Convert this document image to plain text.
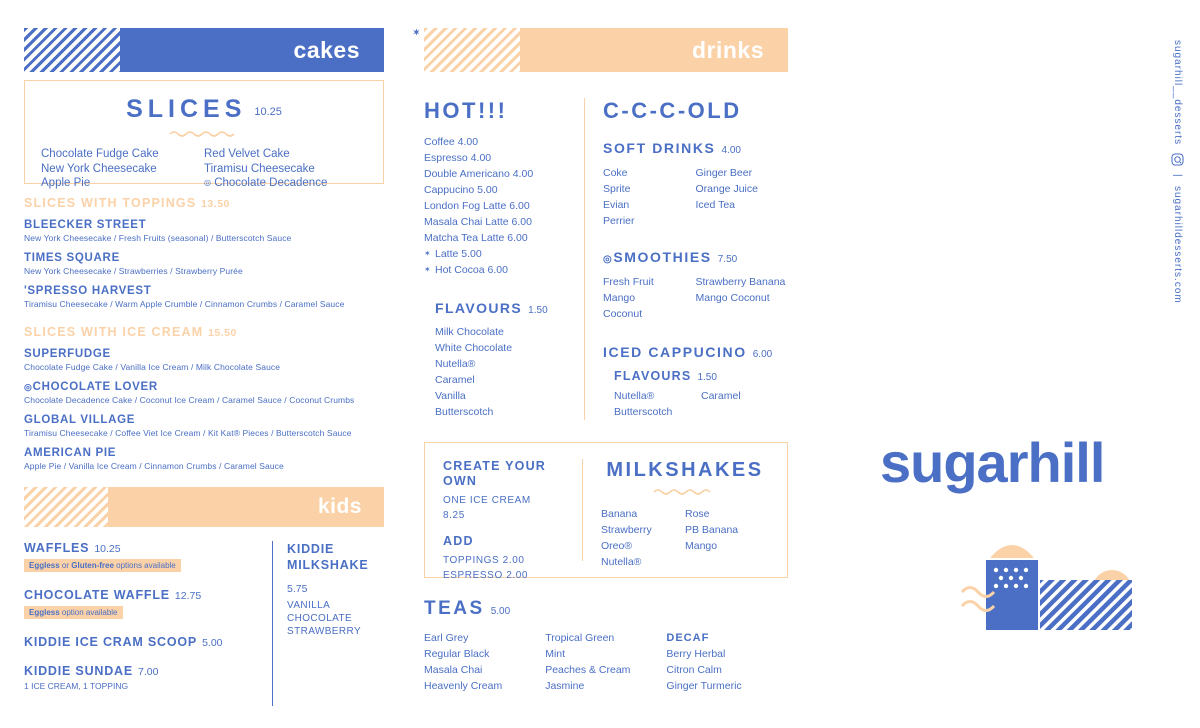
cakes
SLICES 10.25
Chocolate Fudge Cake
New York Cheesecake
Apple Pie
Red Velvet Cake
Tiramisu Cheesecake
◎ Chocolate Decadence
SLICES WITH TOPPINGS 13.50
BLEECKER STREET
New York Cheesecake / Fresh Fruits (seasonal) / Butterscotch Sauce
TIMES SQUARE
New York Cheesecake / Strawberries / Strawberry Purée
'SPRESSO HARVEST
Tiramisu Cheesecake / Warm Apple Crumble / Cinnamon Crumbs / Caramel Sauce
SLICES WITH ICE CREAM 15.50
SUPERFUDGE
Chocolate Fudge Cake / Vanilla Ice Cream / Milk Chocolate Sauce
◎CHOCOLATE LOVER
Chocolate Decadence Cake / Coconut Ice Cream / Caramel Sauce / Coconut Crumbs
GLOBAL VILLAGE
Tiramisu Cheesecake / Coffee Viet Ice Cream / Kit Kat® Pieces / Butterscotch Sauce
AMERICAN PIE
Apple Pie / Vanilla Ice Cream / Cinnamon Crumbs / Caramel Sauce
kids
WAFFLES 10.25
Eggless or Gluten-free options available
CHOCOLATE WAFFLE 12.75
Eggless option available
KIDDIE ICE CRAM SCOOP 5.00
KIDDIE SUNDAE 7.00
1 ICE CREAM, 1 TOPPING
KIDDIE MILKSHAKE
5.75
VANILLA
CHOCOLATE
STRAWBERRY
drinks
HOT!!!
Coffee 4.00
Espresso 4.00
Double Americano 4.00
Cappucino 5.00
London Fog Latte 6.00
Masala Chai Latte 6.00
Matcha Tea Latte 6.00
✶ Latte 5.00
✶ Hot Cocoa 6.00
✶ FLAVOURS 1.50
Milk Chocolate
White Chocolate
Nutella®
Caramel
Vanilla
Butterscotch
C-C-C-OLD
SOFT DRINKS 4.00
Coke
Sprite
Evian
Perrier
Ginger Beer
Orange Juice
Iced Tea
◎SMOOTHIES 7.50
Fresh Fruit
Mango
Coconut
Strawberry Banana
Mango Coconut
ICED CAPPUCINO 6.00
✶ FLAVOURS 1.50
Nutella®
Butterscotch
Caramel
CREATE YOUR OWN
ONE ICE CREAM
8.25
ADD
TOPPINGS 2.00
ESPRESSO 2.00
MILKSHAKES
Banana
Strawberry
Oreo®
Nutella®
Rose
PB Banana
Mango
TEAS 5.00
Earl Grey
Regular Black
Masala Chai
Heavenly Cream
Tropical Green
Mint
Peaches & Cream
Jasmine
DECAF
Berry Herbal
Citron Calm
Ginger Turmeric
sugarhill
sugarhill__desserts
|
sugarhilldesserts.com
